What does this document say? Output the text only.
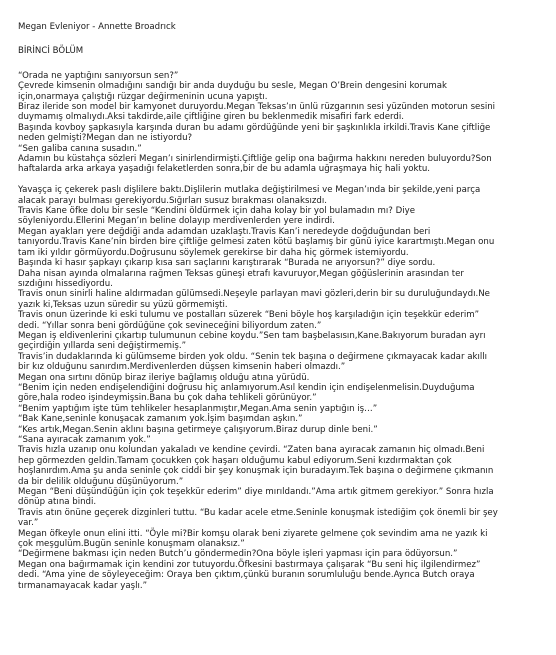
Megan Evleniyor - Annette Broadrıck
BİRİNCİ BÖLÜM

“Orada ne yaptığını sanıyorsun sen?”

Çevrede kimsenin olmadığını sandığı bir anda duyduğu bu sesle, Megan O’Brein dengesini korumak

için,onarmaya çalıştığı rüzgar değirmeninin ucuna yapıştı.

Biraz ileride son model bir kamyonet duruyordu.Megan Teksas’ın ünlü rüzgarının sesi yüzünden motorun sesini

duymamış olmalıydı.Aksi takdirde,aile çiftliğine giren bu beklenmedik misafiri fark ederdi.

Başında kovboy şapkasıyla karşında duran bu adamı gördüğünde yeni bir şaşkınlıkla irkildi.Travis Kane çiftliğe

neden gelmişti?Megan dan ne istiyordu?

“Sen galiba canına susadın.”

Adamın bu küstahça sözleri Megan’ı sinirlendirmişti.Çiftliğe gelip ona bağırma hakkını nereden buluyordu?Son

haftalarda arka arkaya yaşadığı felaketlerden sonra,bir de bu adamla uğraşmaya hiç hali yoktu.

Yavaşça iç çekerek paslı dişlilere baktı.Dişlilerin mutlaka değiştirilmesi ve Megan’ında bir şekilde,yeni parça

alacak parayı bulması gerekiyordu.Sığırları susuz bırakması olanaksızdı.

Travis Kane öfke dolu bir sesle “Kendini öldürmek için daha kolay bir yol bulamadın mı? Diye

söyleniyordu.Ellerini Megan’ın beline dolayıp merdivenlerden yere indirdi.

Megan ayakları yere değdiği anda adamdan uzaklaştı.Travis Kan’i neredeyde doğduğundan beri

tanıyordu.Travis Kane’nin birden bire çiftliğe gelmesi zaten kötü başlamış bir günü iyice karartmıştı.Megan onu

tam iki yıldır görmüyordu.Doğrusunu söylemek gerekirse bir daha hiç görmek istemiyordu.

Başında ki hasır şapkayı çıkarıp kısa sarı saçlarını karıştırarak “Burada ne arıyorsun?” diye sordu.

Daha nisan ayında olmalarına rağmen Teksas güneşi etrafı kavuruyor,Megan göğüslerinin arasından ter

sızdığını hissediyordu.

Travis onun sinirli haline aldırmadan gülümsedi.Neşeyle parlayan mavi gözleri,derin bir su duruluğundaydı.Ne

yazık ki,Teksas uzun süredir su yüzü görmemişti.

Travis onun üzerinde ki eski tulumu ve postalları süzerek “Beni böyle hoş karşıladığın için teşekkür ederim”

dedi. “Yıllar sonra beni gördüğüne çok sevineceğini biliyordum zaten.”

Megan iş eldivenlerini çıkartıp tulumunun cebine koydu.”Sen tam başbelasısın,Kane.Bakıyorum buradan ayrı

geçirdiğin yıllarda seni değiştirmemiş.”

Travis’in dudaklarında ki gülümseme birden yok oldu. “Senin tek başına o değirmene çıkmayacak kadar akıllı

bir kız olduğunu sanırdım.Merdivenlerden düşsen kimsenin haberi olmazdı.”

Megan ona sırtını dönüp biraz ileriye bağlamış olduğu atına yürüdü.

“Benim için neden endişelendiğini doğrusu hiç anlamıyorum.Asıl kendin için endişelenmelisin.Duyduğuma

göre,hala rodeo işindeymişsin.Bana bu çok daha tehlikeli görünüyor.”

“Benim yaptığım işte tüm tehlikeler hesaplanmıştır,Megan.Ama senin yaptığın iş…”

“Bak Kane,seninle konuşacak zamanım yok.İşim başımdan aşkın.”

“Kes artık,Megan.Senin aklını başına getirmeye çalışıyorum.Biraz durup dinle beni.”

“Sana ayıracak zamanım yok.”

Travis hızla uzanıp onu kolundan yakaladı ve kendine çevirdi. “Zaten bana ayıracak zamanın hiç olmadı.Beni

hep görmezden geldin.Tamam çocukken çok haşarı olduğumu kabul ediyorum.Seni kızdırmaktan çok

hoşlanırdım.Ama şu anda seninle çok ciddi bir şey konuşmak için buradayım.Tek başına o değirmene çıkmanın

da bir delilik olduğunu düşünüyorum.”

Megan “Beni düşündüğün için çok teşekkür ederim” diye mırıldandı.”Ama artık gitmem gerekiyor.” Sonra hızla

dönüp atına bindi.

Travis atın önüne geçerek dizginleri tuttu. “Bu kadar acele etme.Seninle konuşmak istediğim çok önemli bir şey

var.”

Megan öfkeyle onun elini itti. “Öyle mi?Bir komşu olarak beni ziyarete gelmene çok sevindim ama ne yazık ki

çok meşgulüm.Bugün seninle konuşmam olanaksız.”

“Değirmene bakması için neden Butch’u göndermedin?Ona böyle işleri yapması için para ödüyorsun.”

Megan ona bağırmamak için kendini zor tutuyordu.Öfkesini bastırmaya çalışarak “Bu seni hiç ilgilendirmez”

dedi. “Ama yine de söyleyeceğim: Oraya ben çıktım,çünkü buranın sorumluluğu bende.Ayrıca Butch oraya

tırmanamayacak kadar yaşlı.”
